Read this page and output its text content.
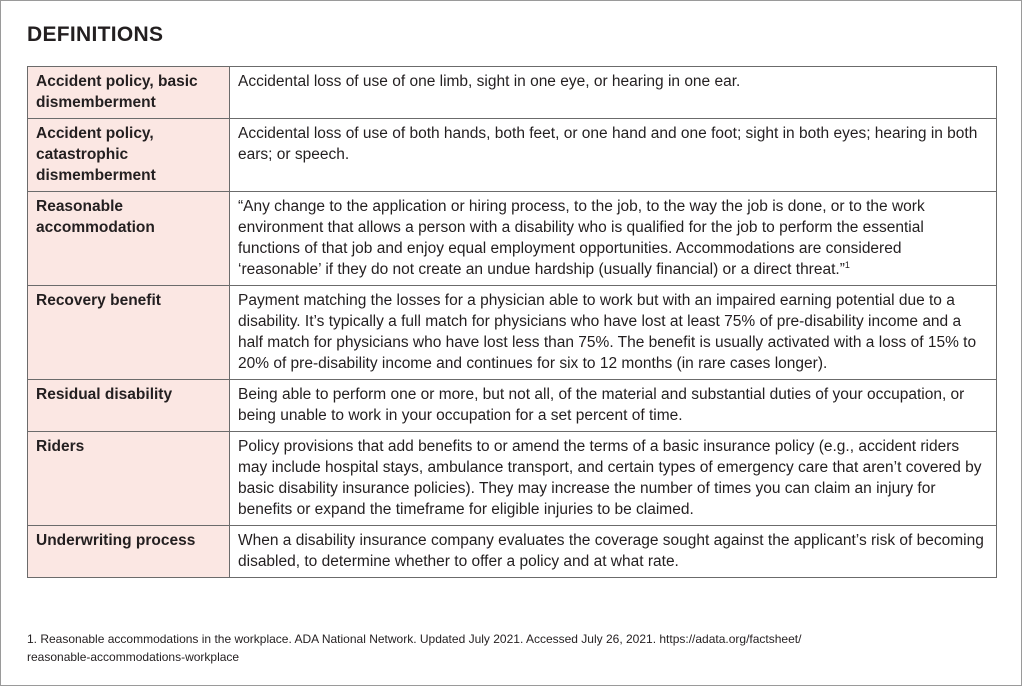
DEFINITIONS
Accident policy, basic dismemberment	Accidental loss of use of one limb, sight in one eye, or hearing in one ear.
Accident policy, catastrophic dismemberment	Accidental loss of use of both hands, both feet, or one hand and one foot; sight in both eyes; hearing in both ears; or speech.
Reasonable accommodation	“Any change to the application or hiring process, to the job, to the way the job is done, or to the work environment that allows a person with a disability who is qualified for the job to perform the essential functions of that job and enjoy equal employment opportunities. Accommodations are considered ‘reasonable’ if they do not create an undue hardship (usually financial) or a direct threat.”$^1$
Recovery benefit	Payment matching the losses for a physician able to work but with an impaired earning potential due to a disability. It’s typically a full match for physicians who have lost at least 75% of pre-disability income and a half match for physicians who have lost less than 75%. The benefit is usually activated with a loss of 15% to 20% of pre-disability income and continues for six to 12 months (in rare cases longer).
Residual disability	Being able to perform one or more, but not all, of the material and substantial duties of your occupation, or being unable to work in your occupation for a set percent of time.
Riders	Policy provisions that add benefits to or amend the terms of a basic insurance policy (e.g., accident riders may include hospital stays, ambulance transport, and certain types of emergency care that aren’t covered by basic disability insurance policies). They may increase the number of times you can claim an injury for benefits or expand the timeframe for eligible injuries to be claimed.
Underwriting process	When a disability insurance company evaluates the coverage sought against the applicant’s risk of becoming disabled, to determine whether to offer a policy and at what rate.
1. Reasonable accommodations in the workplace. ADA National Network. Updated July 2021. Accessed July 26, 2021. https://adata.org/factsheet/
reasonable-accommodations-workplace
